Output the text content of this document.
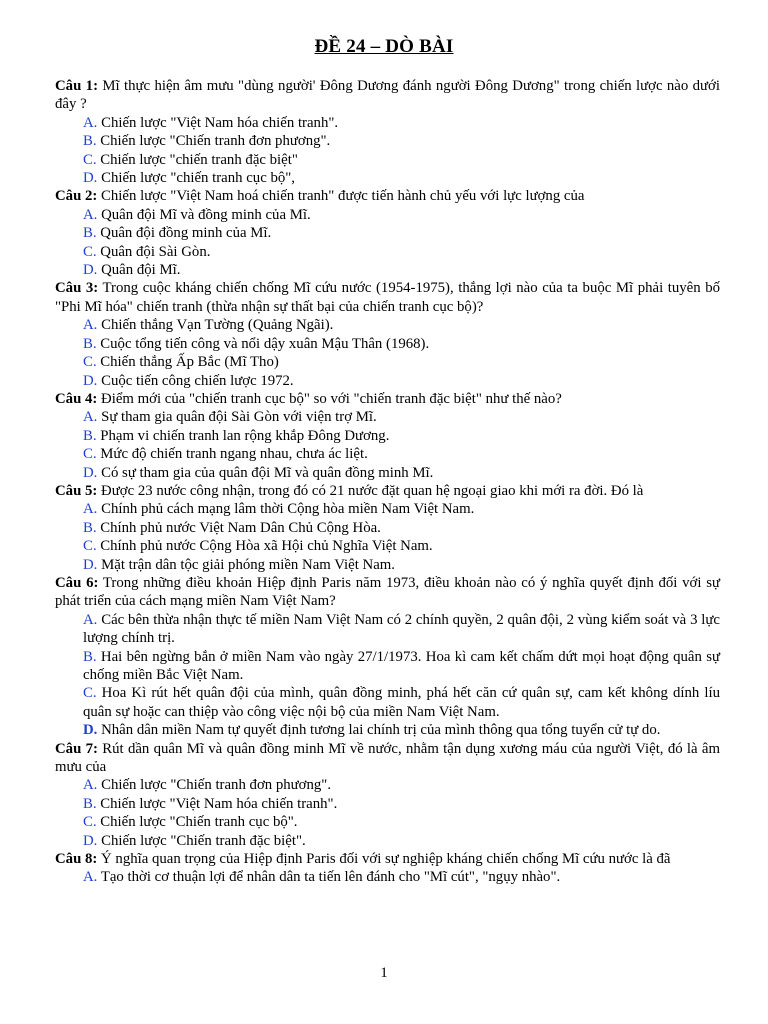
ĐỀ 24 – DÒ BÀI
Câu 1: Mĩ thực hiện âm mưu "dùng người' Đông Dương đánh người Đông Dương" trong chiến lược nào dưới đây ?
A. Chiến lược "Việt Nam hóa chiến tranh".
B. Chiến lược "Chiến tranh đơn phương".
C. Chiến lược "chiến tranh đặc biệt"
D. Chiến lược "chiến tranh cục bộ",
Câu 2: Chiến lược "Việt Nam hoá chiến tranh" được tiến hành chủ yếu với lực lượng của
A. Quân đội Mĩ và đồng minh của Mĩ.
B. Quân đội đồng minh của Mĩ.
C. Quân đội Sài Gòn.
D. Quân đội Mĩ.
Câu 3: Trong cuộc kháng chiến chống Mĩ cứu nước (1954-1975), thắng lợi nào của ta buộc Mĩ phải tuyên bố "Phi Mĩ hóa" chiến tranh (thừa nhận sự thất bại của chiến tranh cục bộ)?
A. Chiến thắng Vạn Tường (Quảng Ngãi).
B. Cuộc tổng tiến công và nổi dậy xuân Mậu Thân (1968).
C. Chiến thắng Ấp Bắc (Mĩ Tho)
D. Cuộc tiến công chiến lược 1972.
Câu 4: Điểm mới của "chiến tranh cục bộ" so với "chiến tranh đặc biệt" như thế nào?
A. Sự tham gia quân đội Sài Gòn với viện trợ Mĩ.
B. Phạm vi chiến tranh lan rộng khắp Đông Dương.
C. Mức độ chiến tranh ngang nhau, chưa ác liệt.
D. Có sự tham gia của quân đội Mĩ và quân đồng minh Mĩ.
Câu 5: Được 23 nước công nhận, trong đó có 21 nước đặt quan hệ ngoại giao khi mới ra đời. Đó là
A. Chính phủ cách mạng lâm thời Cộng hòa miền Nam Việt Nam.
B. Chính phủ nước Việt Nam Dân Chủ Cộng Hòa.
C. Chính phủ nước Cộng Hòa xã Hội chủ Nghĩa Việt Nam.
D. Mặt trận dân tộc giải phóng miền Nam Việt Nam.
Câu 6: Trong những điều khoản Hiệp định Paris năm 1973, điều khoản nào có ý nghĩa quyết định đối với sự phát triển của cách mạng miền Nam Việt Nam?
A. Các bên thừa nhận thực tế miền Nam Việt Nam có 2 chính quyền, 2 quân đội, 2 vùng kiểm soát và 3 lực lượng chính trị.
B. Hai bên ngừng bắn ở miền Nam vào ngày 27/1/1973. Hoa kì cam kết chấm dứt mọi hoạt động quân sự chống miền Bắc Việt Nam.
C. Hoa Kì rút hết quân đội của mình, quân đồng minh, phá hết căn cứ quân sự, cam kết không dính líu quân sự hoặc can thiệp vào công việc nội bộ của miền Nam Việt Nam.
D. Nhân dân miền Nam tự quyết định tương lai chính trị của mình thông qua tổng tuyển cử tự do.
Câu 7: Rút dần quân Mĩ và quân đồng minh Mĩ về nước, nhằm tận dụng xương máu của người Việt, đó là âm mưu của
A. Chiến lược "Chiến tranh đơn phương".
B. Chiến lược "Việt Nam hóa chiến tranh".
C. Chiến lược "Chiến tranh cục bộ".
D. Chiến lược "Chiến tranh đặc biệt".
Câu 8: Ý nghĩa quan trọng của Hiệp định Paris đối với sự nghiệp kháng chiến chống Mĩ cứu nước là đã
A. Tạo thời cơ thuận lợi để nhân dân ta tiến lên đánh cho "Mĩ cút", "ngụy nhào".
1
